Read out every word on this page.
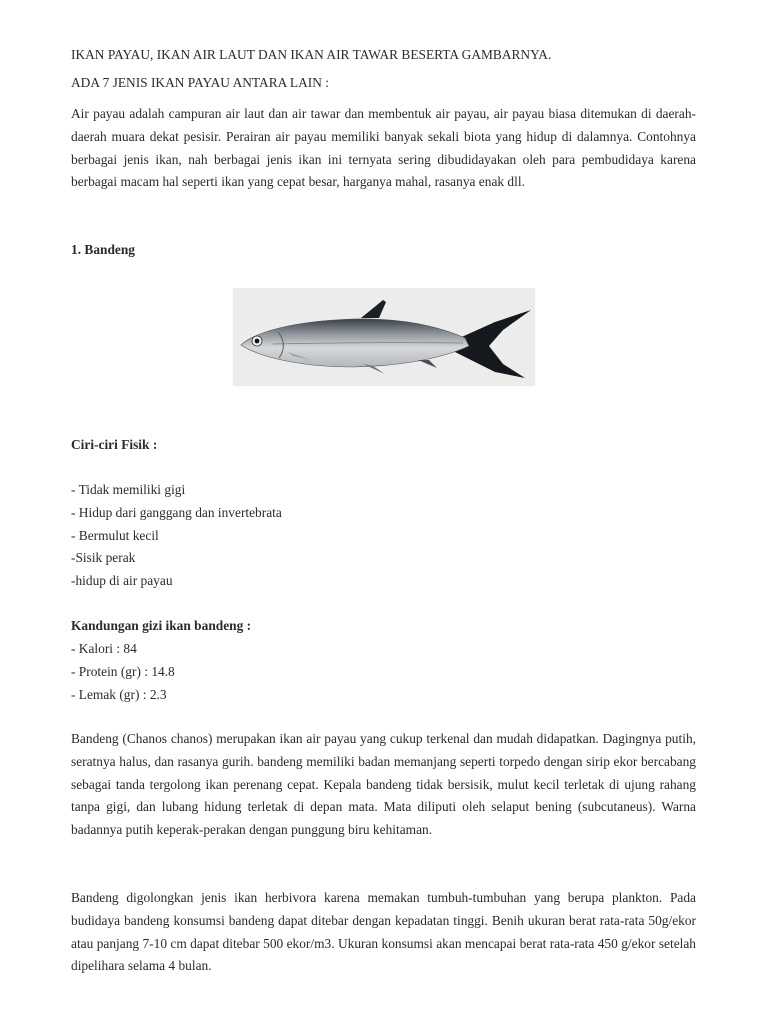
IKAN PAYAU, IKAN AIR LAUT DAN IKAN AIR TAWAR BESERTA GAMBARNYA.

ADA 7 JENIS IKAN PAYAU ANTARA LAIN :

Air payau adalah campuran air laut dan air tawar dan membentuk air payau, air payau biasa ditemukan di daerah-daerah muara dekat pesisir. Perairan air payau memiliki banyak sekali biota yang hidup di dalamnya. Contohnya berbagai jenis ikan, nah berbagai jenis ikan ini ternyata sering dibudidayakan oleh para pembudidaya karena berbagai macam hal seperti ikan yang cepat besar, harganya mahal, rasanya enak dll.

1. Bandeng

Ciri-ciri Fisik :

- Tidak memiliki gigi
- Hidup dari ganggang dan invertebrata
- Bermulut kecil
-Sisik perak
-hidup di air payau

Kandungan gizi ikan bandeng :

- Kalori : 84
- Protein (gr) : 14.8
- Lemak (gr) : 2.3

Bandeng (Chanos chanos) merupakan ikan air payau yang cukup terkenal dan mudah didapatkan. Dagingnya putih, seratnya halus, dan rasanya gurih. bandeng memiliki badan memanjang seperti torpedo dengan sirip ekor bercabang sebagai tanda tergolong ikan perenang cepat. Kepala bandeng tidak bersisik, mulut kecil terletak di ujung rahang tanpa gigi, dan lubang hidung terletak di depan mata. Mata diliputi oleh selaput bening (subcutaneus). Warna badannya putih keperak-perakan dengan punggung biru kehitaman.

Bandeng digolongkan jenis ikan herbivora karena memakan tumbuh-tumbuhan yang berupa plankton. Pada budidaya bandeng konsumsi bandeng dapat ditebar dengan kepadatan tinggi. Benih ukuran berat rata-rata 50g/ekor atau panjang 7-10 cm dapat ditebar 500 ekor/m3. Ukuran konsumsi akan mencapai berat rata-rata 450 g/ekor setelah dipelihara selama 4 bulan.
